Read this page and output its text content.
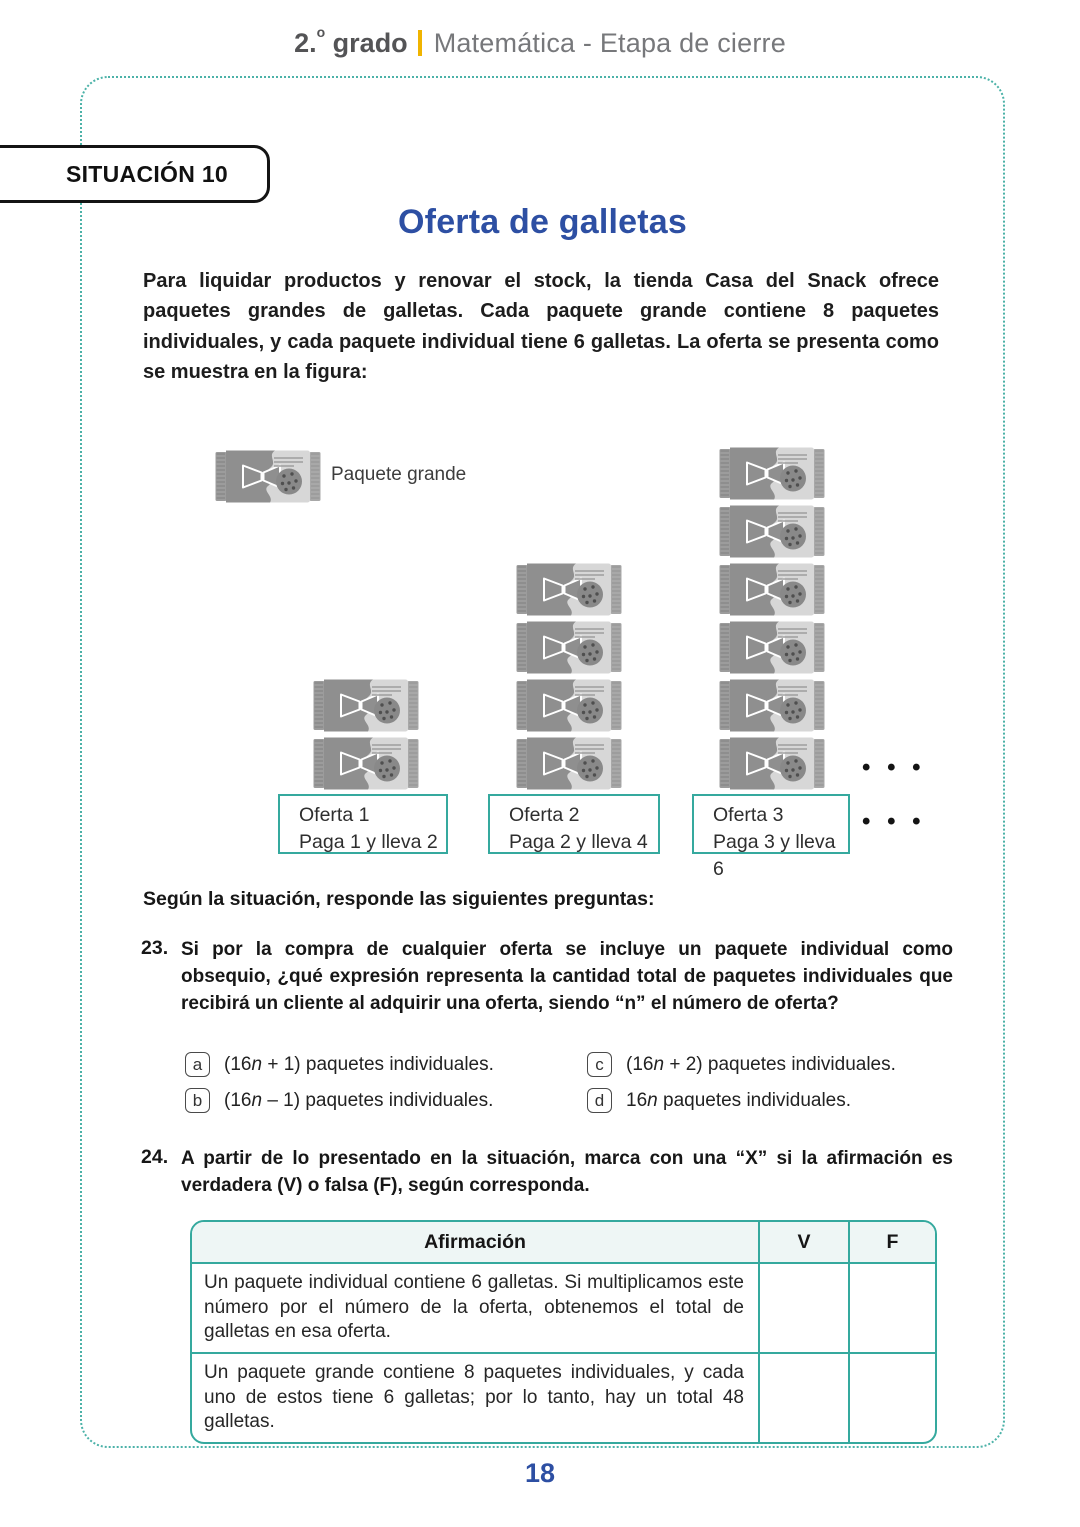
2.$^o$ grado Matemática - Etapa de cierre
SITUACIÓN 10
Oferta de galletas
Para liquidar productos y renovar el stock, la tienda Casa del Snack ofrece paquetes grandes de galletas. Cada paquete grande contiene 8 paquetes individuales, y cada paquete individual tiene 6 galletas. La oferta se presenta como se muestra en la figura:
Paquete grande
Oferta 1
Paga 1 y lleva 2
Oferta 2
Paga 2 y lleva 4
Oferta 3
Paga 3 y lleva 6
• • •
• • •
Según la situación, responde las siguientes preguntas:
23. Si por la compra de cualquier oferta se incluye un paquete individual como obsequio, ¿qué expresión representa la cantidad total de paquetes individuales que recibirá un cliente al adquirir una oferta, siendo “n” el número de oferta?
a	(16n + 1) paquetes individuales.
b	(16n – 1) paquetes individuales.
c	(16n + 2) paquetes individuales.
d	16n paquetes individuales.
24. A partir de lo presentado en la situación, marca con una “X” si la afirmación es verdadera (V) o falsa (F), según corresponda.
Afirmación	V	F
Un paquete individual contiene 6 galletas. Si multiplicamos este número por el número de la oferta, obtenemos el total de galletas en esa oferta.
Un paquete grande contiene 8 paquetes individuales, y cada uno de estos tiene 6 galletas; por lo tanto, hay un total 48 galletas.
18
